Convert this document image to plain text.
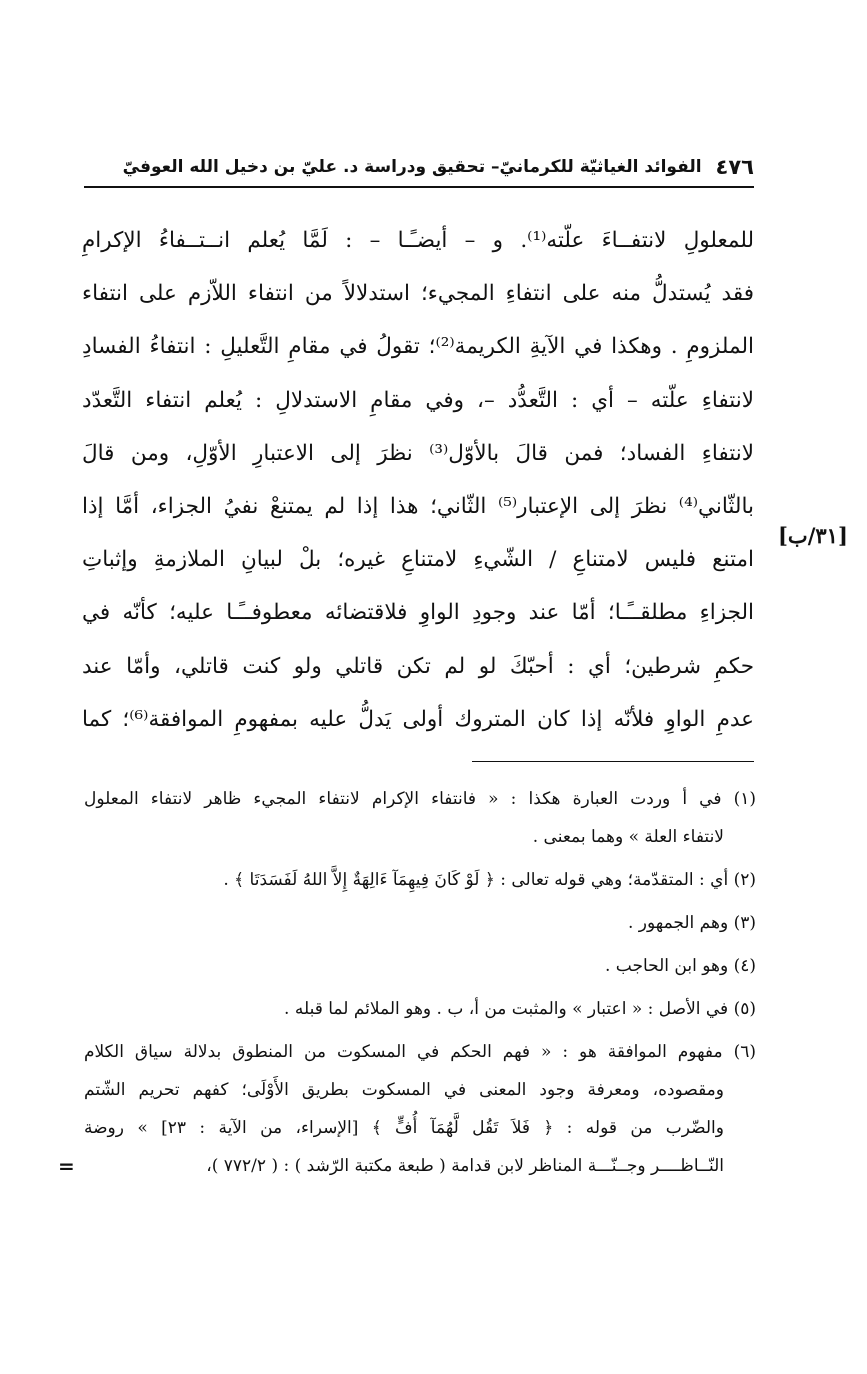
٤٧٦
الفوائد الغياثيّة للكرمانيّ– تحقيق ودراسة د. عليّ بن دخيل الله العوفيّ
[٣١/ب]
للمعلولِ لانتفــاءَ علّته⁽¹⁾. و – أيضـًـا – : لَمَّا يُعلم انــتــفاءُ الإكرامِ
فقد يُستدلُّ منه على انتفاءِ المجيء؛ استدلالاً من انتفاء اللاّزم على انتفاء
الملزومِ . وهكذا في الآيةِ الكريمة⁽²⁾؛ تقولُ في مقامِ التَّعليلِ : انتفاءُ الفسادِ
لانتفاءِ علّته – أي : التَّعدُّد –، وفي مقامِ الاستدلالِ : يُعلم انتفاء التَّعدّد
لانتفاءِ الفساد؛ فمن قالَ بالأوّل⁽³⁾ نظرَ إلى الاعتبارِ الأوّلِ، ومن قالَ
بالثّاني⁽⁴⁾ نظرَ إلى الإعتبار⁽⁵⁾ الثّاني؛ هذا إذا لم يمتنعْ نفيُ الجزاء، أمَّا إذا
امتنع فليس لامتناعِ / الشّيءِ لامتناعِ غيره؛ بلْ لبيانِ الملازمةِ وإثباتِ
الجزاءِ مطلقــًـا؛ أمّا عند وجودِ الواوِ فلاقتضائه معطوفــًـا عليه؛ كأنّه في
حكمِ شرطين؛ أي : أحبّكَ لو لم تكن قاتلي ولو كنت قاتلي، وأمّا عند
عدمِ الواوِ فلأنّه إذا كان المتروك أولى يَدلُّ عليه بمفهومِ الموافقة⁽⁶⁾؛ كما
(١) في أ وردت العبارة هكذا : « فانتفاء الإكرام لانتفاء المجيء ظاهر لانتفاء المعلول
لانتفاء العلة » وهما بمعنى .
(٢) أي : المتقدّمة؛ وهي قوله تعالى : ﴿ لَوْ كَانَ فِيهِمَآ ءَالِهَةٌ إِلاَّ اللهُ لَفَسَدَتَا ﴾ .
(٣) وهم الجمهور .
(٤) وهو ابن الحاجب .
(٥) في الأصل : « اعتبار » والمثبت من أ، ب . وهو الملائم لما قبله .
(٦) مفهوم الموافقة هو : « فهم الحكم في المسكوت من المنطوق بدلالة سياق الكلام
ومقصوده، ومعرفة وجود المعنى في المسكوت بطريق الأَوْلَى؛ كفهم تحريم الشّتم
والضّرب من قوله : ﴿ فَلاَ تَقُل لَّهُمَآ أُفٍّ ﴾ [الإسراء، من الآية : ٢٣] » روضة
النّــاظــــر وجــنّـــة المناظر لابن قدامة ( طبعة مكتبة الرّشد ) : ( ٧٧٢/٢ )،
=
